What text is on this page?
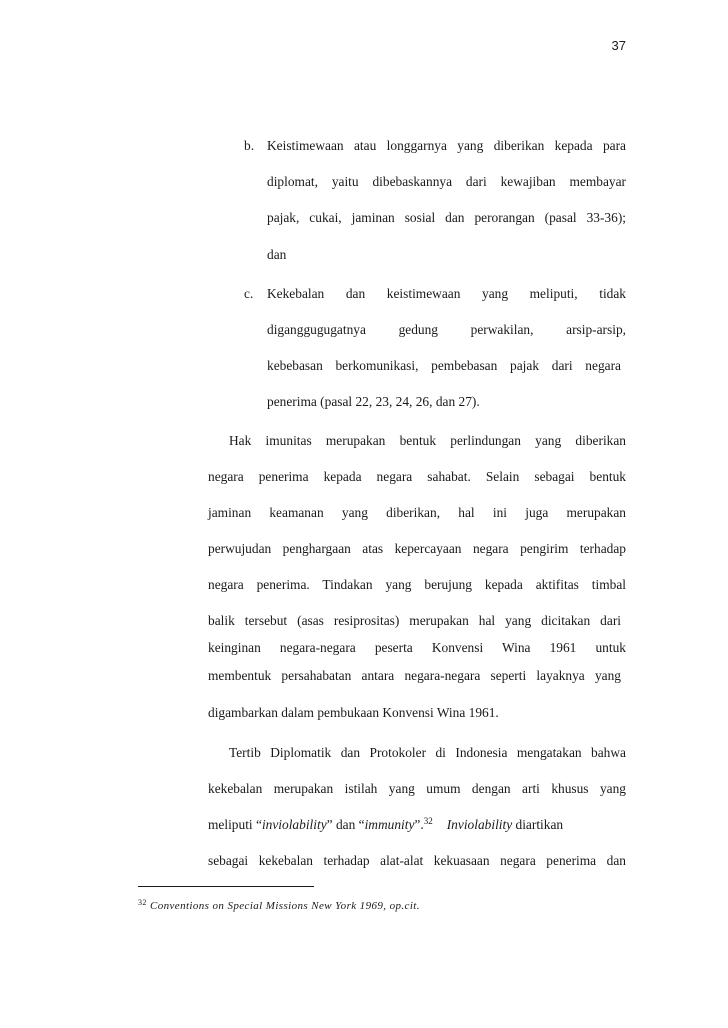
37
b. Keistimewaan atau longgarnya yang diberikan kepada para
diplomat, yaitu dibebaskannya dari kewajiban membayar
pajak, cukai, jaminan sosial dan perorangan (pasal 33-36);
dan
c. Kekebalan dan keistimewaan yang meliputi, tidak
diganggugugatnya gedung perwakilan, arsip-arsip,
kebebasan berkomunikasi, pembebasan pajak dari negara
penerima (pasal 22, 23, 24, 26, dan 27).
Hak imunitas merupakan bentuk perlindungan yang diberikan
negara penerima kepada negara sahabat. Selain sebagai bentuk
jaminan keamanan yang diberikan, hal ini juga merupakan
perwujudan penghargaan atas kepercayaan negara pengirim terhadap
negara penerima. Tindakan yang berujung kepada aktifitas timbal
balik tersebut (asas resiprositas) merupakan hal yang dicitakan dari
keinginan negara-negara peserta Konvensi Wina 1961 untuk
membentuk persahabatan antara negara-negara seperti layaknya yang
digambarkan dalam pembukaan Konvensi Wina 1961.
Tertib Diplomatik dan Protokoler di Indonesia mengatakan bahwa
kekebalan merupakan istilah yang umum dengan arti khusus yang
meliputi “inviolability” dan “immunity”.$^{32}$ Inviolability diartikan
sebagai kekebalan terhadap alat-alat kekuasaan negara penerima dan
$^{32}$ Conventions on Special Missions New York 1969, op.cit.
